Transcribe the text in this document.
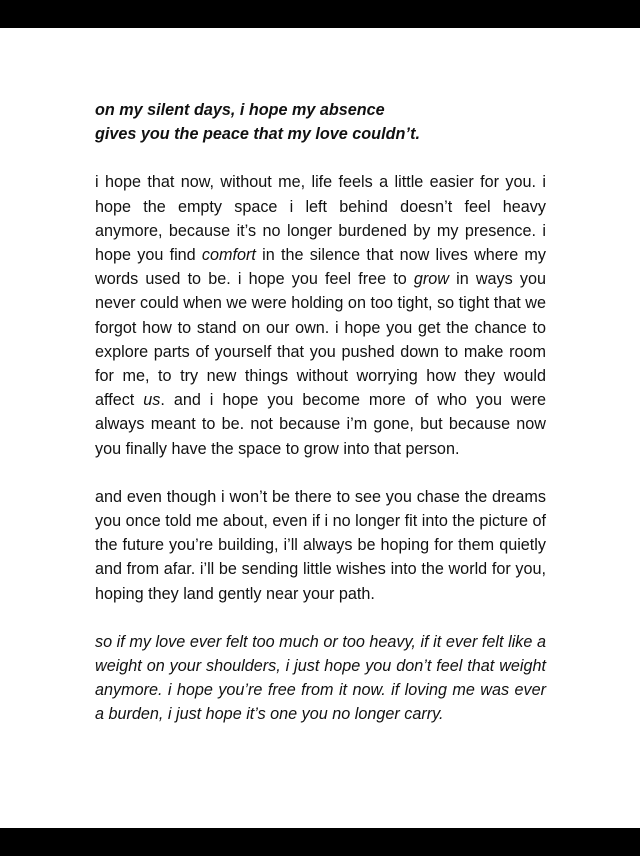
on my silent days, i hope my absence
gives you the peace that my love couldn’t.

i hope that now, without me, life feels a little easier for you. i hope the empty space i left behind doesn’t feel heavy anymore, because it’s no longer burdened by my presence. i hope you find comfort in the silence that now lives where my words used to be. i hope you feel free to grow in ways you never could when we were holding on too tight, so tight that we forgot how to stand on our own. i hope you get the chance to explore parts of yourself that you pushed down to make room for me, to try new things without worrying how they would affect us. and i hope you become more of who you were always meant to be. not because i’m gone, but because now you finally have the space to grow into that person.

and even though i won’t be there to see you chase the dreams you once told me about, even if i no longer fit into the picture of the future you’re building, i’ll always be hoping for them quietly and from afar. i’ll be sending little wishes into the world for you, hoping they land gently near your path.

so if my love ever felt too much or too heavy, if it ever felt like a weight on your shoulders, i just hope you don’t feel that weight anymore. i hope you’re free from it now. if loving me was ever a burden, i just hope it’s one you no longer carry.
